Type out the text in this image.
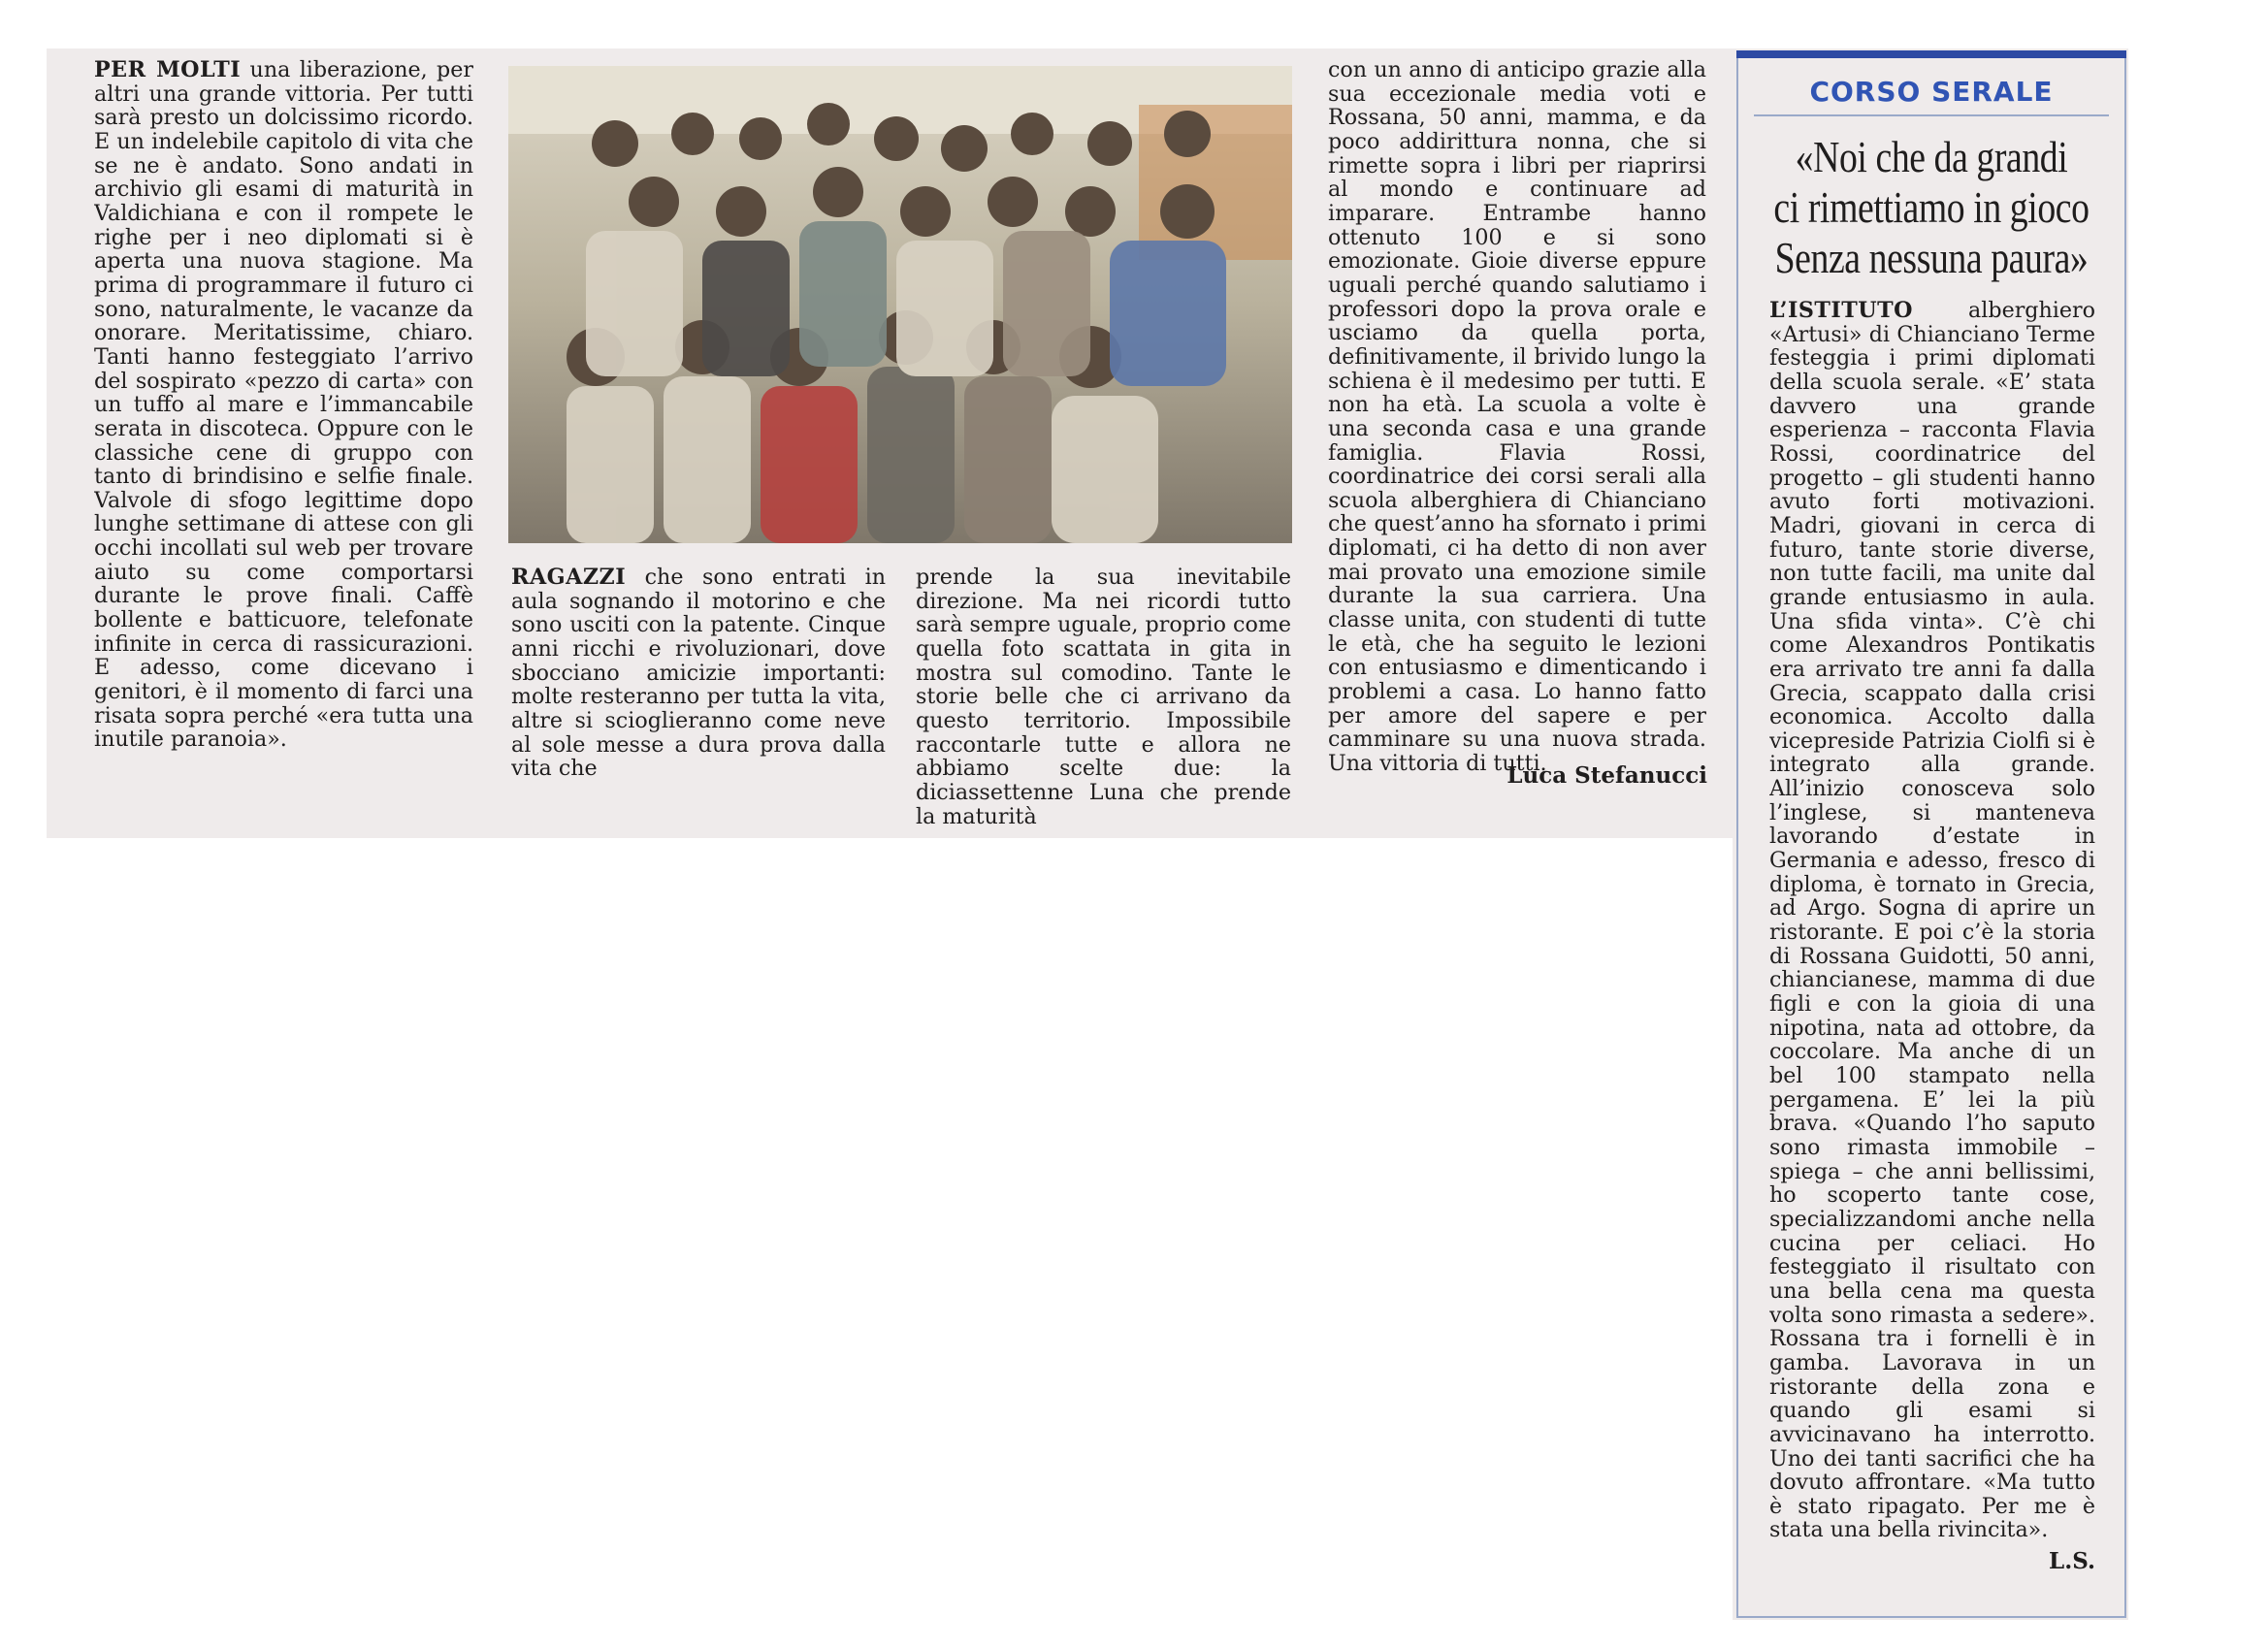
PER MOLTI una liberazione, per altri una grande vittoria. Per tutti sarà presto un dolcissimo ricordo. E un indelebile capitolo di vita che se ne è andato. Sono andati in archivio gli esami di maturità in Valdichiana e con il rompete le righe per i neo diplomati si è aperta una nuova stagione. Ma prima di programmare il futuro ci sono, naturalmente, le vacanze da onorare. Meritatissime, chiaro. Tanti hanno festeggiato l’arrivo del sospirato «pezzo di carta» con un tuffo al mare e l’immancabile serata in discoteca. Oppure con le classiche cene di gruppo con tanto di brindisino e selfie finale. Valvole di sfogo legittime dopo lunghe settimane di attese con gli occhi incollati sul web per trovare aiuto su come comportarsi durante le prove finali. Caffè bollente e batticuore, telefonate infinite in cerca di rassicurazioni. E adesso, come dicevano i genitori, è il momento di farci una risata sopra perché «era tutta una inutile paranoia».

RAGAZZI che sono entrati in aula sognando il motorino e che sono usciti con la patente. Cinque anni ricchi e rivoluzionari, dove sbocciano amicizie importanti: molte resteranno per tutta la vita, altre si scioglieranno come neve al sole messe a dura prova dalla vita che

prende la sua inevitabile direzione. Ma nei ricordi tutto sarà sempre uguale, proprio come quella foto scattata in gita in mostra sul comodino. Tante le storie belle che ci arrivano da questo territorio. Impossibile raccontarle tutte e allora ne abbiamo scelte due: la diciassettenne Luna che prende la maturità

con un anno di anticipo grazie alla sua eccezionale media voti e Rossana, 50 anni, mamma, e da poco addirittura nonna, che si rimette sopra i libri per riaprirsi al mondo e continuare ad imparare. Entrambe hanno ottenuto 100 e si sono emozionate. Gioie diverse eppure uguali perché quando salutiamo i professori dopo la prova orale e usciamo da quella porta, definitivamente, il brivido lungo la schiena è il medesimo per tutti. E non ha età. La scuola a volte è una seconda casa e una grande famiglia. Flavia Rossi, coordinatrice dei corsi serali alla scuola alberghiera di Chianciano che quest’anno ha sfornato i primi diplomati, ci ha detto di non aver mai provato una emozione simile durante la sua carriera. Una classe unita, con studenti di tutte le età, che ha seguito le lezioni con entusiasmo e dimenticando i problemi a casa. Lo hanno fatto per amore del sapere e per camminare su una nuova strada. Una vittoria di tutti.

Luca Stefanucci
CORSO SERALE
«Noi che da grandi
ci rimettiamo in gioco
Senza nessuna paura»

L’ISTITUTO alberghiero «Artusi» di Chianciano Terme festeggia i primi diplomati della scuola serale. «E’ stata davvero una grande esperienza – racconta Flavia Rossi, coordinatrice del progetto – gli studenti hanno avuto forti motivazioni. Madri, giovani in cerca di futuro, tante storie diverse, non tutte facili, ma unite dal grande entusiasmo in aula. Una sfida vinta». C’è chi come Alexandros Pontikatis era arrivato tre anni fa dalla Grecia, scappato dalla crisi economica. Accolto dalla vicepreside Patrizia Ciolfi si è integrato alla grande. All’inizio conosceva solo l’inglese, si manteneva lavorando d’estate in Germania e adesso, fresco di diploma, è tornato in Grecia, ad Argo. Sogna di aprire un ristorante. E poi c’è la storia di Rossana Guidotti, 50 anni, chiancianese, mamma di due figli e con la gioia di una nipotina, nata ad ottobre, da coccolare. Ma anche di un bel 100 stampato nella pergamena. E’ lei la più brava. «Quando l’ho saputo sono rimasta immobile – spiega – che anni bellissimi, ho scoperto tante cose, specializzandomi anche nella cucina per celiaci. Ho festeggiato il risultato con una bella cena ma questa volta sono rimasta a sedere». Rossana tra i fornelli è in gamba. Lavorava in un ristorante della zona e quando gli esami si avvicinavano ha interrotto. Uno dei tanti sacrifici che ha dovuto affrontare. «Ma tutto è stato ripagato. Per me è stata una bella rivincita».

L.S.
